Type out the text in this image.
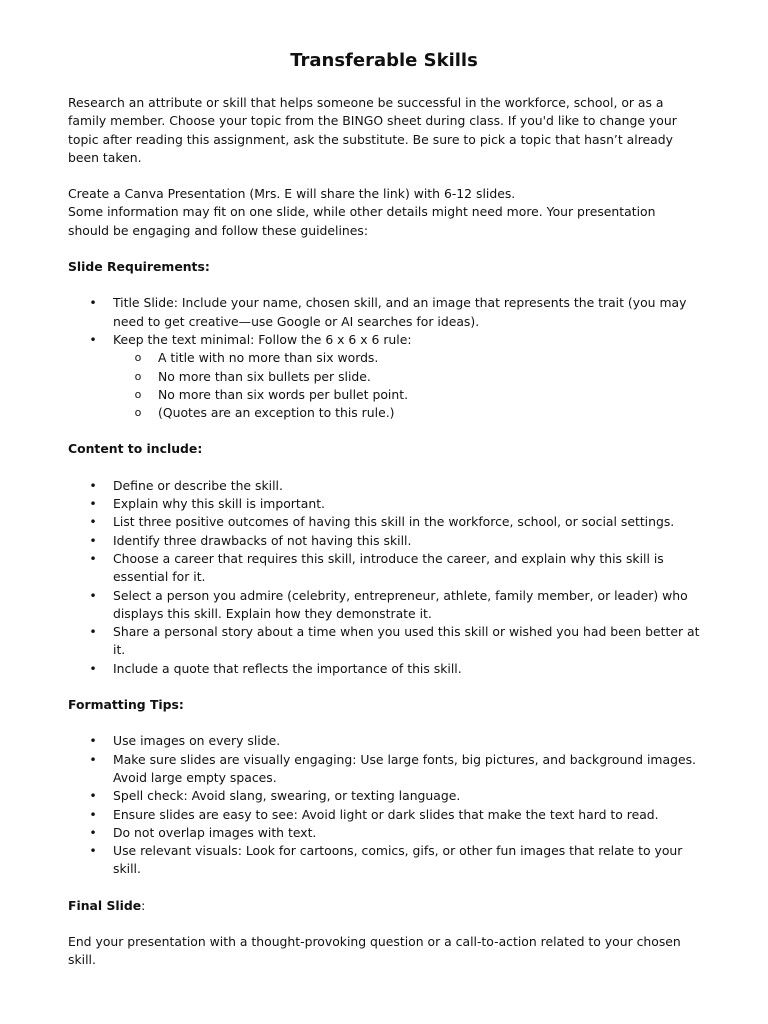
Transferable Skills

Research an attribute or skill that helps someone be successful in the workforce, school, or as a family member. Choose your topic from the BINGO sheet during class. If you'd like to change your topic after reading this assignment, ask the substitute. Be sure to pick a topic that hasn’t already been taken.

Create a Canva Presentation (Mrs. E will share the link) with 6-12 slides.

Some information may fit on one slide, while other details might need more. Your presentation should be engaging and follow these guidelines:

Slide Requirements:

• Title Slide: Include your name, chosen skill, and an image that represents the trait (you may need to get creative—use Google or AI searches for ideas).
• Keep the text minimal: Follow the 6 x 6 x 6 rule:
o A title with no more than six words.
o No more than six bullets per slide.
o No more than six words per bullet point.
o (Quotes are an exception to this rule.)

Content to include:

• Define or describe the skill.
• Explain why this skill is important.
• List three positive outcomes of having this skill in the workforce, school, or social settings.
• Identify three drawbacks of not having this skill.
• Choose a career that requires this skill, introduce the career, and explain why this skill is essential for it.
• Select a person you admire (celebrity, entrepreneur, athlete, family member, or leader) who displays this skill. Explain how they demonstrate it.
• Share a personal story about a time when you used this skill or wished you had been better at it.
• Include a quote that reflects the importance of this skill.

Formatting Tips:

• Use images on every slide.
• Make sure slides are visually engaging: Use large fonts, big pictures, and background images. Avoid large empty spaces.
• Spell check: Avoid slang, swearing, or texting language.
• Ensure slides are easy to see: Avoid light or dark slides that make the text hard to read.
• Do not overlap images with text.
• Use relevant visuals: Look for cartoons, comics, gifs, or other fun images that relate to your skill.

Final Slide:

End your presentation with a thought-provoking question or a call-to-action related to your chosen skill.
